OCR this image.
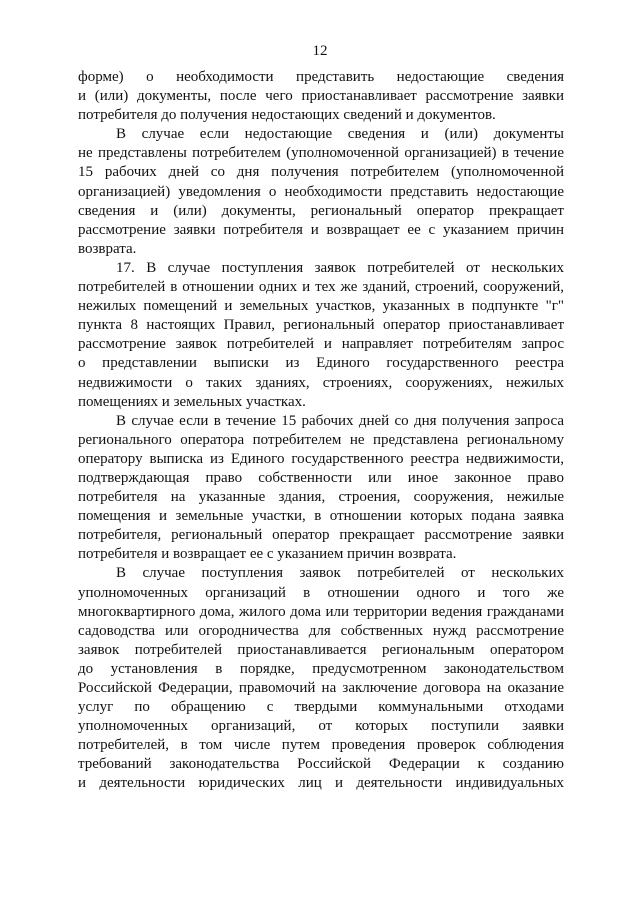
12

форме) о необходимости представить недостающие сведения
и (или) документы, после чего приостанавливает рассмотрение заявки
потребителя до получения недостающих сведений и документов.

В случае если недостающие сведения и (или) документы
не представлены потребителем (уполномоченной организацией) в течение
15 рабочих дней со дня получения потребителем (уполномоченной
организацией) уведомления о необходимости представить недостающие
сведения и (или) документы, региональный оператор прекращает
рассмотрение заявки потребителя и возвращает ее с указанием причин
возврата.

17. В случае поступления заявок потребителей от нескольких
потребителей в отношении одних и тех же зданий, строений, сооружений,
нежилых помещений и земельных участков, указанных в подпункте "г"
пункта 8 настоящих Правил, региональный оператор приостанавливает
рассмотрение заявок потребителей и направляет потребителям запрос
о представлении выписки из Единого государственного реестра
недвижимости о таких зданиях, строениях, сооружениях, нежилых
помещениях и земельных участках.

В случае если в течение 15 рабочих дней со дня получения запроса
регионального оператора потребителем не представлена региональному
оператору выписка из Единого государственного реестра недвижимости,
подтверждающая право собственности или иное законное право
потребителя на указанные здания, строения, сооружения, нежилые
помещения и земельные участки, в отношении которых подана заявка
потребителя, региональный оператор прекращает рассмотрение заявки
потребителя и возвращает ее с указанием причин возврата.

В случае поступления заявок потребителей от нескольких
уполномоченных организаций в отношении одного и того же
многоквартирного дома, жилого дома или территории ведения гражданами
садоводства или огородничества для собственных нужд рассмотрение
заявок потребителей приостанавливается региональным оператором
до установления в порядке, предусмотренном законодательством
Российской Федерации, правомочий на заключение договора на оказание
услуг по обращению с твердыми коммунальными отходами
уполномоченных организаций, от которых поступили заявки
потребителей, в том числе путем проведения проверок соблюдения
требований законодательства Российской Федерации к созданию
и деятельности юридических лиц и деятельности индивидуальных
